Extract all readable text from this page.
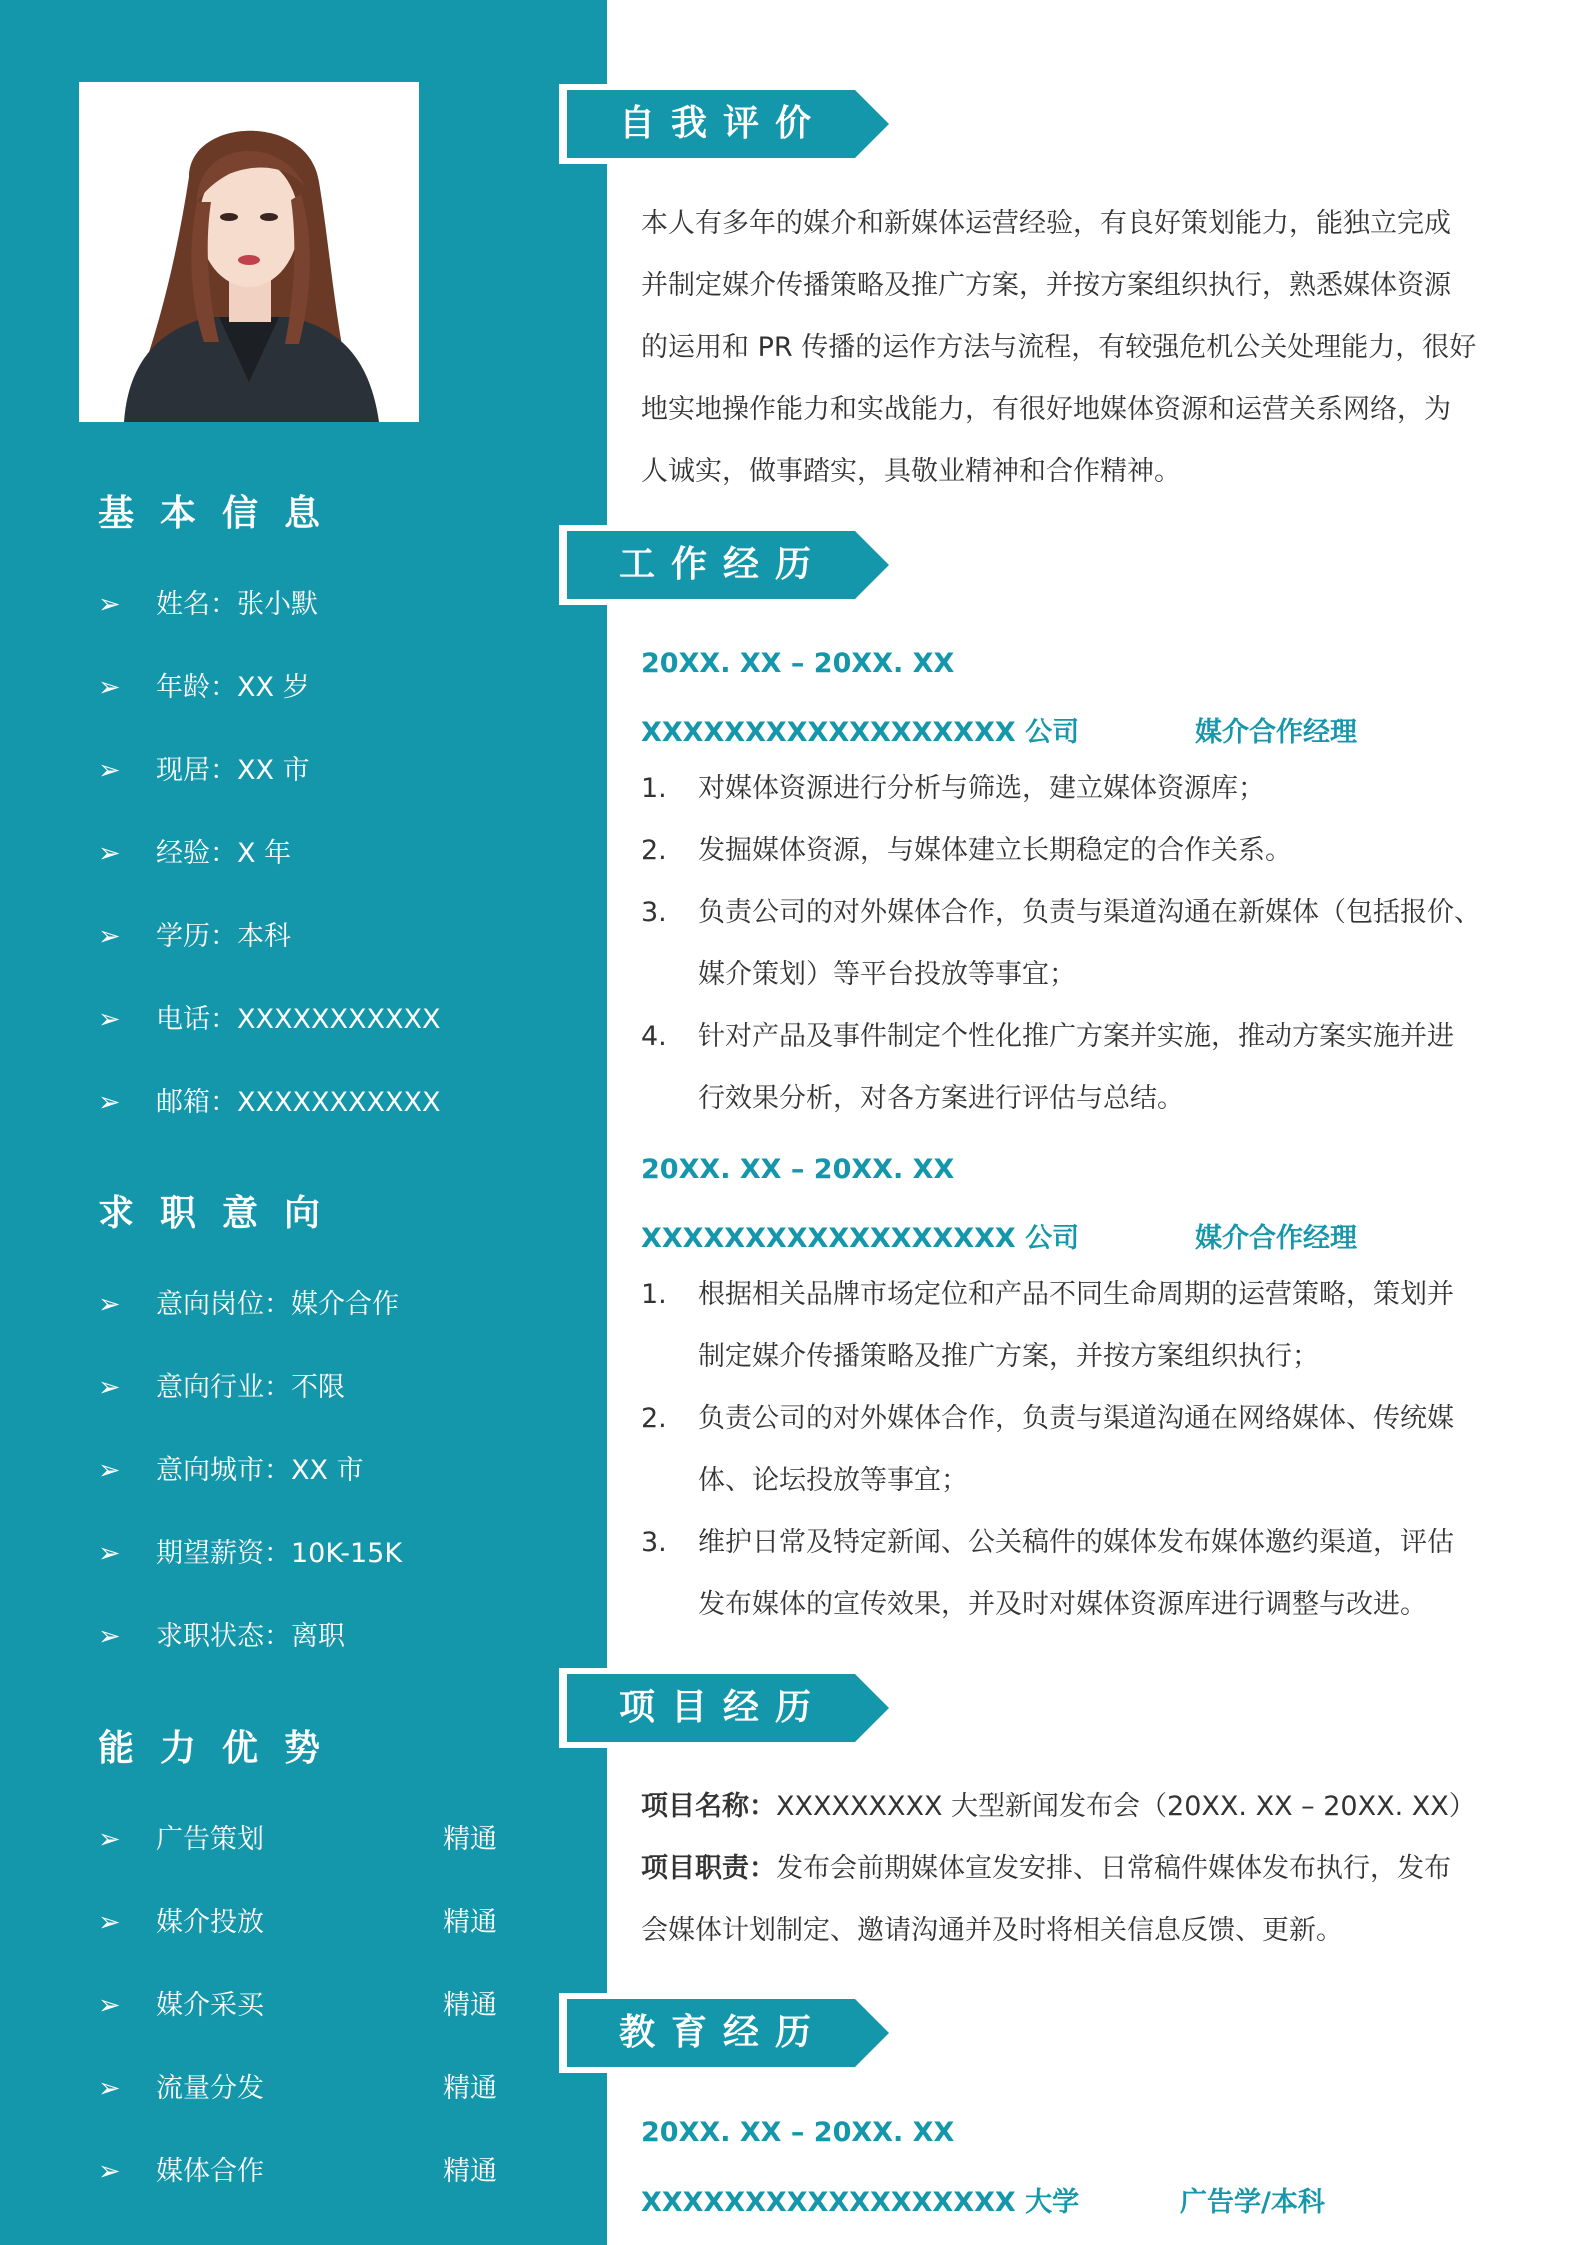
基本信息
➢ 姓名：张小默
➢ 年龄：XX 岁
➢ 现居：XX 市
➢ 经验：X 年
➢ 学历：本科
➢ 电话：XXXXXXXXXXX
➢ 邮箱：XXXXXXXXXXX
求职意向
➢ 意向岗位：媒介合作
➢ 意向行业：不限
➢ 意向城市：XX 市
➢ 期望薪资：10K-15K
➢ 求职状态：离职
能力优势
➢ 广告策划	精通
➢ 媒介投放	精通
➢ 媒介采买	精通
➢ 流量分发	精通
➢ 媒体合作	精通
自我评价
本人有多年的媒介和新媒体运营经验，有良好策划能力，能独立完成
并制定媒介传播策略及推广方案，并按方案组织执行，熟悉媒体资源
的运用和 PR 传播的运作方法与流程，有较强危机公关处理能力，很好
地实地操作能力和实战能力，有很好地媒体资源和运营关系网络，为
人诚实，做事踏实，具敬业精神和合作精神。
工作经历
20XX. XX – 20XX. XX
XXXXXXXXXXXXXXXXXX 公司	媒介合作经理
1.	对媒体资源进行分析与筛选，建立媒体资源库；
2.	发掘媒体资源，与媒体建立长期稳定的合作关系。
3.	负责公司的对外媒体合作，负责与渠道沟通在新媒体（包括报价、
媒介策划）等平台投放等事宜；
4.	针对产品及事件制定个性化推广方案并实施，推动方案实施并进
行效果分析，对各方案进行评估与总结。
20XX. XX – 20XX. XX
XXXXXXXXXXXXXXXXXX 公司	媒介合作经理
1.	根据相关品牌市场定位和产品不同生命周期的运营策略，策划并
制定媒介传播策略及推广方案，并按方案组织执行；
2.	负责公司的对外媒体合作，负责与渠道沟通在网络媒体、传统媒
体、论坛投放等事宜；
3.	维护日常及特定新闻、公关稿件的媒体发布媒体邀约渠道，评估
发布媒体的宣传效果，并及时对媒体资源库进行调整与改进。
项目经历
项目名称：XXXXXXXXX 大型新闻发布会（20XX. XX – 20XX. XX）
项目职责：发布会前期媒体宣发安排、日常稿件媒体发布执行，发布
会媒体计划制定、邀请沟通并及时将相关信息反馈、更新。
教育经历
20XX. XX – 20XX. XX
XXXXXXXXXXXXXXXXXX 大学	广告学/本科
